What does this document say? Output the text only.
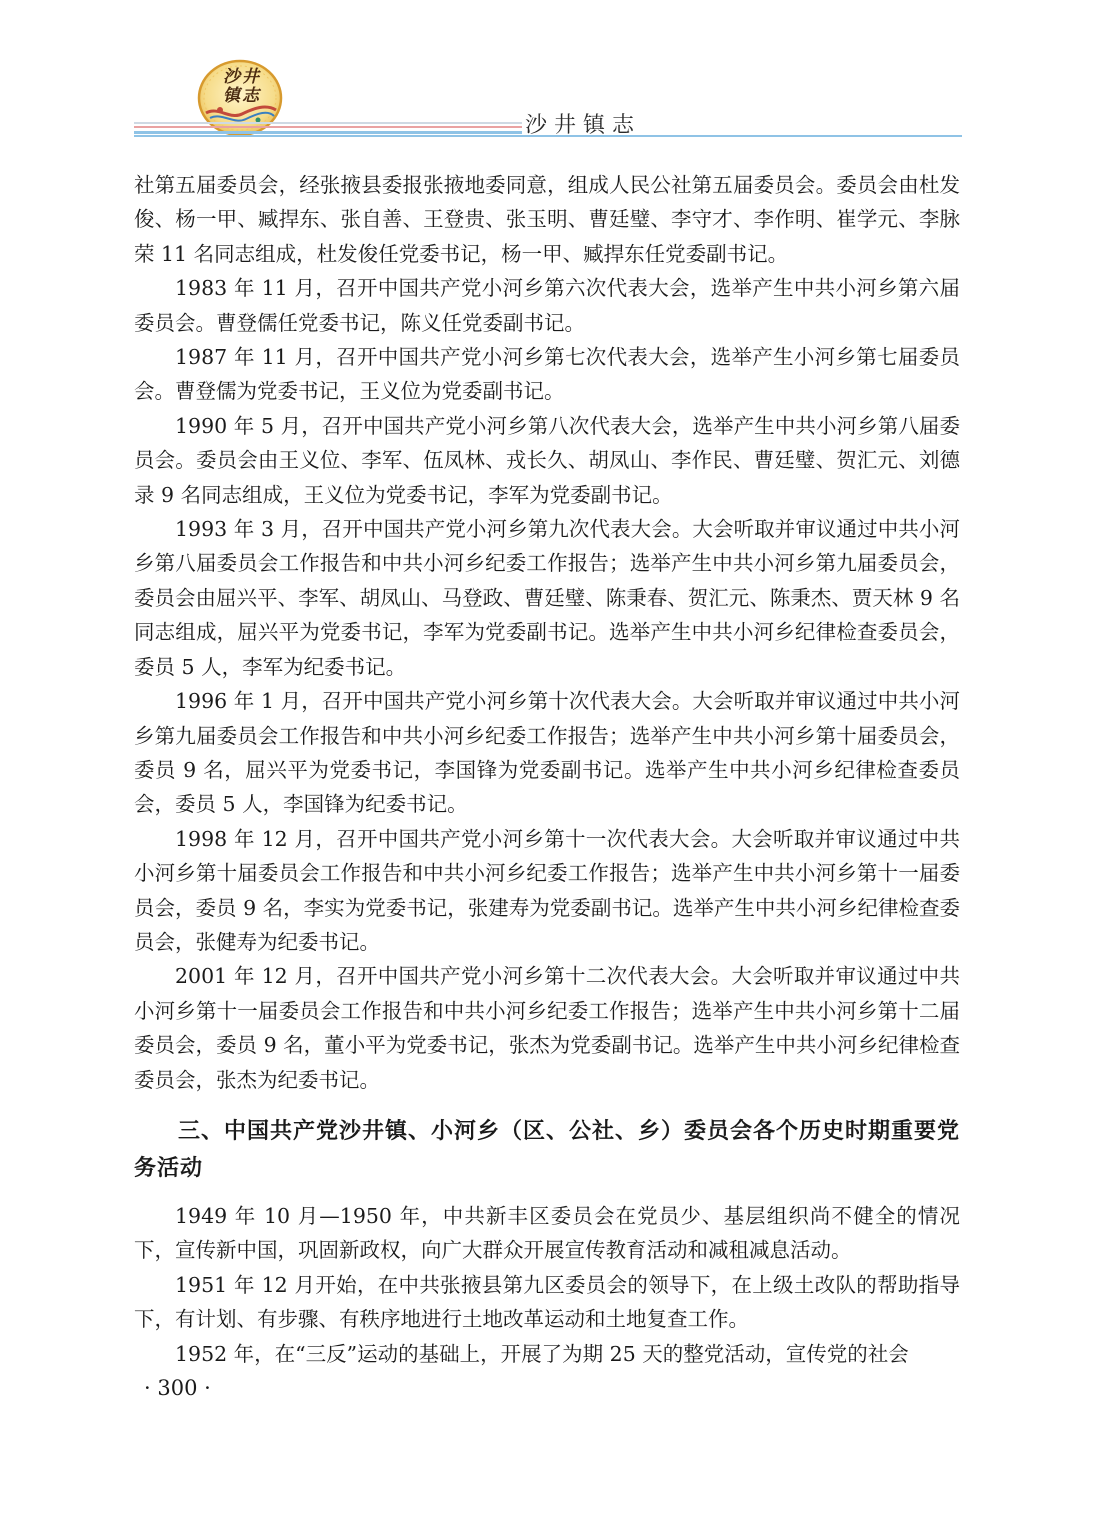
沙井镇志
沙井镇志

社第五届委员会，经张掖县委报张掖地委同意，组成人民公社第五届委员会。委员会由杜发俊、杨一甲、臧捍东、张自善、王登贵、张玉明、曹廷璧、李守才、李作明、崔学元、李脉荣 11 名同志组成，杜发俊任党委书记，杨一甲、臧捍东任党委副书记。

1983 年 11 月，召开中国共产党小河乡第六次代表大会，选举产生中共小河乡第六届委员会。曹登儒任党委书记，陈义任党委副书记。

1987 年 11 月，召开中国共产党小河乡第七次代表大会，选举产生小河乡第七届委员会。曹登儒为党委书记，王义位为党委副书记。

1990 年 5 月，召开中国共产党小河乡第八次代表大会，选举产生中共小河乡第八届委员会。委员会由王义位、李军、伍凤林、戎长久、胡凤山、李作民、曹廷璧、贺汇元、刘德录 9 名同志组成，王义位为党委书记，李军为党委副书记。

1993 年 3 月，召开中国共产党小河乡第九次代表大会。大会听取并审议通过中共小河乡第八届委员会工作报告和中共小河乡纪委工作报告；选举产生中共小河乡第九届委员会，委员会由屈兴平、李军、胡凤山、马登政、曹廷璧、陈秉春、贺汇元、陈秉杰、贾天林 9 名同志组成，屈兴平为党委书记，李军为党委副书记。选举产生中共小河乡纪律检查委员会，委员 5 人，李军为纪委书记。

1996 年 1 月，召开中国共产党小河乡第十次代表大会。大会听取并审议通过中共小河乡第九届委员会工作报告和中共小河乡纪委工作报告；选举产生中共小河乡第十届委员会，委员 9 名，屈兴平为党委书记，李国锋为党委副书记。选举产生中共小河乡纪律检查委员会，委员 5 人，李国锋为纪委书记。

1998 年 12 月，召开中国共产党小河乡第十一次代表大会。大会听取并审议通过中共小河乡第十届委员会工作报告和中共小河乡纪委工作报告；选举产生中共小河乡第十一届委员会，委员 9 名，李实为党委书记，张建寿为党委副书记。选举产生中共小河乡纪律检查委员会，张健寿为纪委书记。

2001 年 12 月，召开中国共产党小河乡第十二次代表大会。大会听取并审议通过中共小河乡第十一届委员会工作报告和中共小河乡纪委工作报告；选举产生中共小河乡第十二届委员会，委员 9 名，董小平为党委书记，张杰为党委副书记。选举产生中共小河乡纪律检查委员会，张杰为纪委书记。

三、中国共产党沙井镇、小河乡（区、公社、乡）委员会各个历史时期重要党务活动

1949 年 10 月—1950 年，中共新丰区委员会在党员少、基层组织尚不健全的情况下，宣传新中国，巩固新政权，向广大群众开展宣传教育活动和减租减息活动。

1951 年 12 月开始，在中共张掖县第九区委员会的领导下，在上级土改队的帮助指导下，有计划、有步骤、有秩序地进行土地改革运动和土地复查工作。

1952 年，在“三反”运动的基础上，开展了为期 25 天的整党活动，宣传党的社会

· 300 ·
